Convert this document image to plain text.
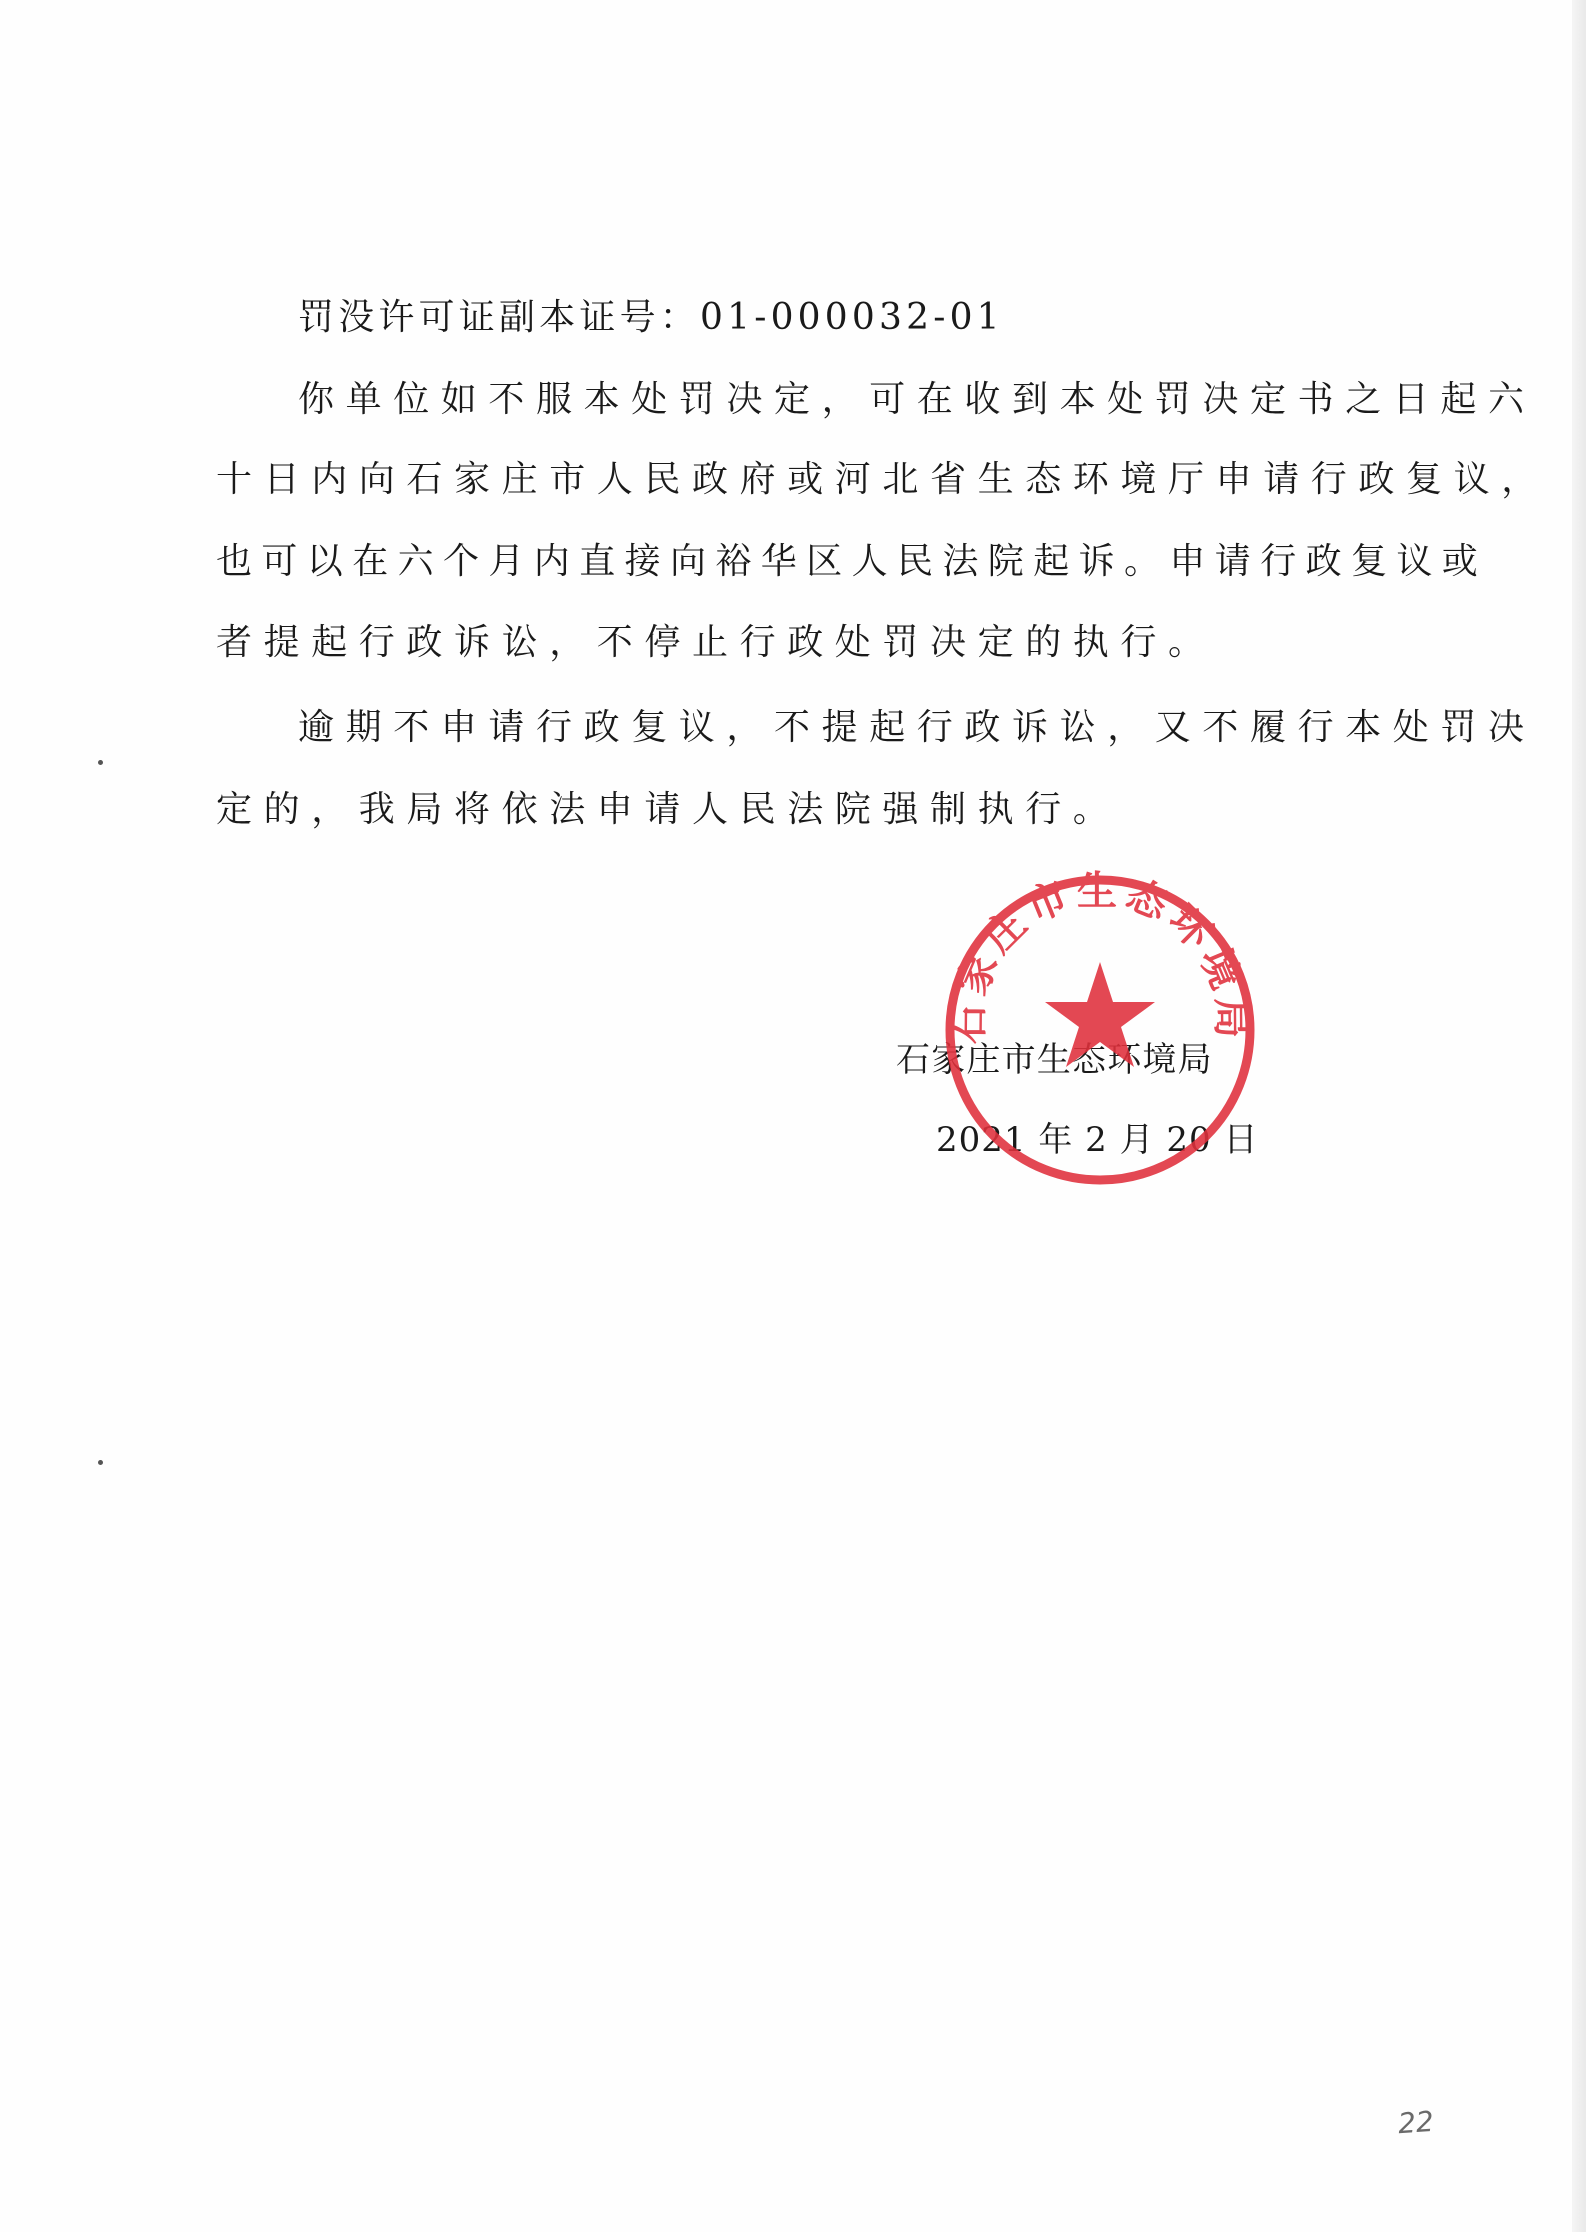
罚没许可证副本证号：01-000032-01

你单位如不服本处罚决定，可在收到本处罚决定书之日起六

十日内向石家庄市人民政府或河北省生态环境厅申请行政复议，

也可以在六个月内直接向裕华区人民法院起诉。申请行政复议或

者提起行政诉讼，不停止行政处罚决定的执行。

逾期不申请行政复议，不提起行政诉讼，又不履行本处罚决

定的，我局将依法申请人民法院强制执行。

石家庄市生态环境局
2021 年 2 月 20 日
石家庄市生态环境局
22
